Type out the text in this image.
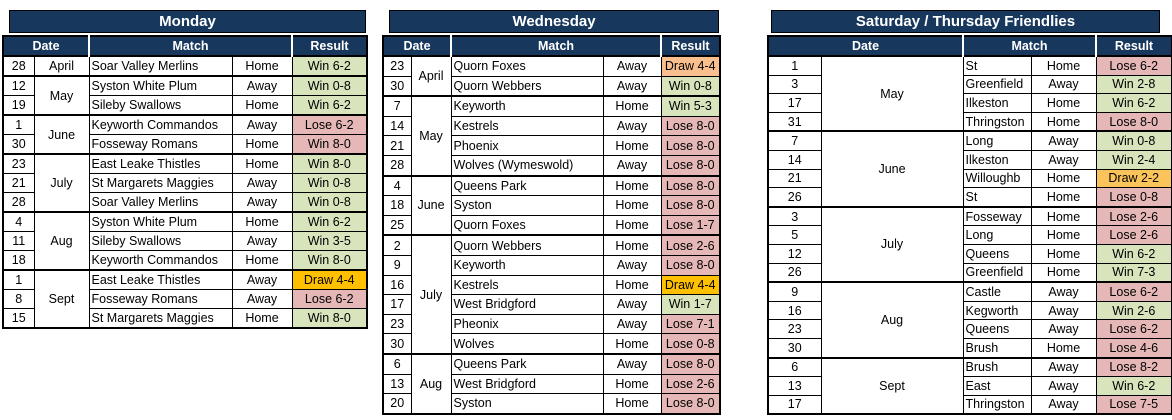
Monday
Date		Match		Result
28	April	Soar Valley Merlins	Home	Win 6-2
12	May	Syston White Plum	Away	Win 0-8
19		Sileby Swallows	Home	Win 6-2
1	June	Keyworth Commandos	Away	Lose 6-2
30		Fosseway Romans	Home	Win 8-0
23	July	East Leake Thistles	Home	Win 8-0
21		St Margarets Maggies	Away	Win 0-8
28		Soar Valley Merlins	Away	Win 0-8
4	Aug	Syston White Plum	Home	Win 6-2
11		Sileby Swallows	Away	Win 3-5
18		Keyworth Commandos	Home	Win 8-0
1	Sept	East Leake Thistles	Away	Draw 4-4
8		Fosseway Romans	Away	Lose 6-2
15		St Margarets Maggies	Home	Win 8-0
Wednesday
Date		Match		Result
23	April	Quorn Foxes	Away	Draw 4-4
30		Quorn Webbers	Away	Win 0-8
7	May	Keyworth	Home	Win 5-3
14		Kestrels	Away	Lose 8-0
21		Phoenix	Home	Lose 8-0
28		Wolves (Wymeswold)	Away	Lose 8-0
4	June	Queens Park	Home	Lose 8-0
18		Syston	Home	Lose 8-0
25		Quorn Foxes	Home	Lose 1-7
2	July	Quorn Webbers	Home	Lose 2-6
9		Keyworth	Away	Lose 8-0
16		Kestrels	Home	Draw 4-4
17		West Bridgford	Away	Win 1-7
23		Pheonix	Away	Lose 7-1
30		Wolves	Home	Lose 0-8
6	Aug	Queens Park	Away	Lose 8-0
13		West Bridgford	Home	Lose 2-6
20		Syston	Home	Lose 8-0
Saturday / Thursday Friendlies
Date		Match		Result
1	May	St	Home	Lose 6-2
3		Greenfield	Away	Win 2-8
17		Ilkeston	Home	Win 6-2
31		Thringston	Home	Lose 8-0
7	June	Long	Away	Win 0-8
14		Ilkeston	Away	Win 2-4
21		Willoughb	Home	Draw 2-2
26		St	Home	Lose 0-8
3	July	Fosseway	Home	Lose 2-6
5		Long	Home	Lose 2-6
12		Queens	Home	Win 6-2
26		Greenfield	Home	Win 7-3
9	Aug	Castle	Away	Lose 6-2
16		Kegworth	Away	Win 2-6
23		Queens	Away	Lose 6-2
30		Brush	Home	Lose 4-6
6	Sept	Brush	Away	Lose 8-2
13		East	Away	Win 6-2
17		Thringston	Away	Lose 7-5
